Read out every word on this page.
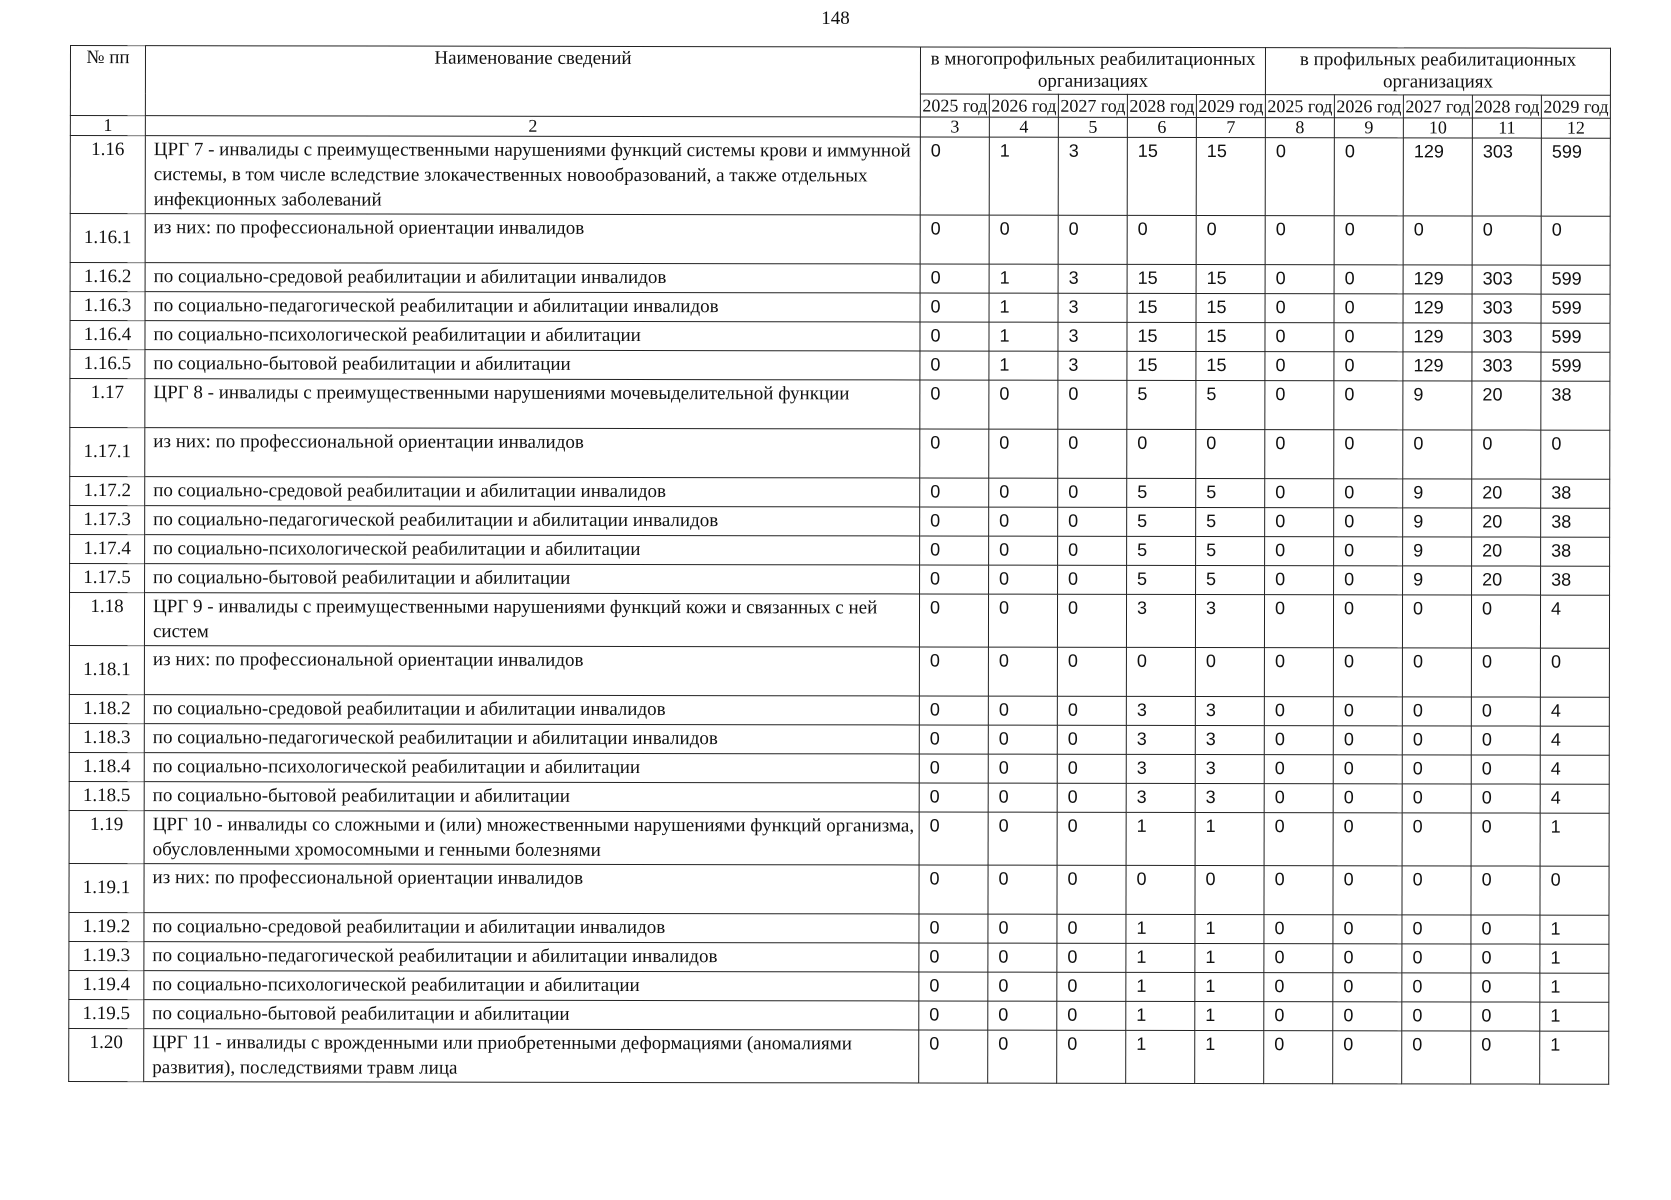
148
№ пп	Наименование сведений	в многопрофильных реабилитационных организациях					в профильных реабилитационных организациях				
		2025 год	2026 год	2027 год	2028 год	2029 год	2025 год	2026 год	2027 год	2028 год	2029 год
1	2	3	4	5	6	7	8	9	10	11	12
1.16	ЦРГ 7 - инвалиды с преимущественными нарушениями функций системы крови и иммунной системы, в том числе вследствие злокачественных новообразований, а также отдельных инфекционных заболеваний	0	1	3	15	15	0	0	129	303	599
1.16.1	из них: по профессиональной ориентации инвалидов	0	0	0	0	0	0	0	0	0	0
1.16.2	по социально-средовой реабилитации и абилитации инвалидов	0	1	3	15	15	0	0	129	303	599
1.16.3	по социально-педагогической реабилитации и абилитации инвалидов	0	1	3	15	15	0	0	129	303	599
1.16.4	по социально-психологической реабилитации и абилитации	0	1	3	15	15	0	0	129	303	599
1.16.5	по социально-бытовой реабилитации и абилитации	0	1	3	15	15	0	0	129	303	599
1.17	ЦРГ 8 - инвалиды с преимущественными нарушениями мочевыделительной функции	0	0	0	5	5	0	0	9	20	38
1.17.1	из них: по профессиональной ориентации инвалидов	0	0	0	0	0	0	0	0	0	0
1.17.2	по социально-средовой реабилитации и абилитации инвалидов	0	0	0	5	5	0	0	9	20	38
1.17.3	по социально-педагогической реабилитации и абилитации инвалидов	0	0	0	5	5	0	0	9	20	38
1.17.4	по социально-психологической реабилитации и абилитации	0	0	0	5	5	0	0	9	20	38
1.17.5	по социально-бытовой реабилитации и абилитации	0	0	0	5	5	0	0	9	20	38
1.18	ЦРГ 9 - инвалиды с преимущественными нарушениями функций кожи и связанных с ней систем	0	0	0	3	3	0	0	0	0	4
1.18.1	из них: по профессиональной ориентации инвалидов	0	0	0	0	0	0	0	0	0	0
1.18.2	по социально-средовой реабилитации и абилитации инвалидов	0	0	0	3	3	0	0	0	0	4
1.18.3	по социально-педагогической реабилитации и абилитации инвалидов	0	0	0	3	3	0	0	0	0	4
1.18.4	по социально-психологической реабилитации и абилитации	0	0	0	3	3	0	0	0	0	4
1.18.5	по социально-бытовой реабилитации и абилитации	0	0	0	3	3	0	0	0	0	4
1.19	ЦРГ 10 - инвалиды со сложными и (или) множественными нарушениями функций организма, обусловленными хромосомными и генными болезнями	0	0	0	1	1	0	0	0	0	1
1.19.1	из них: по профессиональной ориентации инвалидов	0	0	0	0	0	0	0	0	0	0
1.19.2	по социально-средовой реабилитации и абилитации инвалидов	0	0	0	1	1	0	0	0	0	1
1.19.3	по социально-педагогической реабилитации и абилитации инвалидов	0	0	0	1	1	0	0	0	0	1
1.19.4	по социально-психологической реабилитации и абилитации	0	0	0	1	1	0	0	0	0	1
1.19.5	по социально-бытовой реабилитации и абилитации	0	0	0	1	1	0	0	0	0	1
1.20	ЦРГ 11 - инвалиды с врожденными или приобретенными деформациями (аномалиями развития), последствиями травм лица	0	0	0	1	1	0	0	0	0	1
